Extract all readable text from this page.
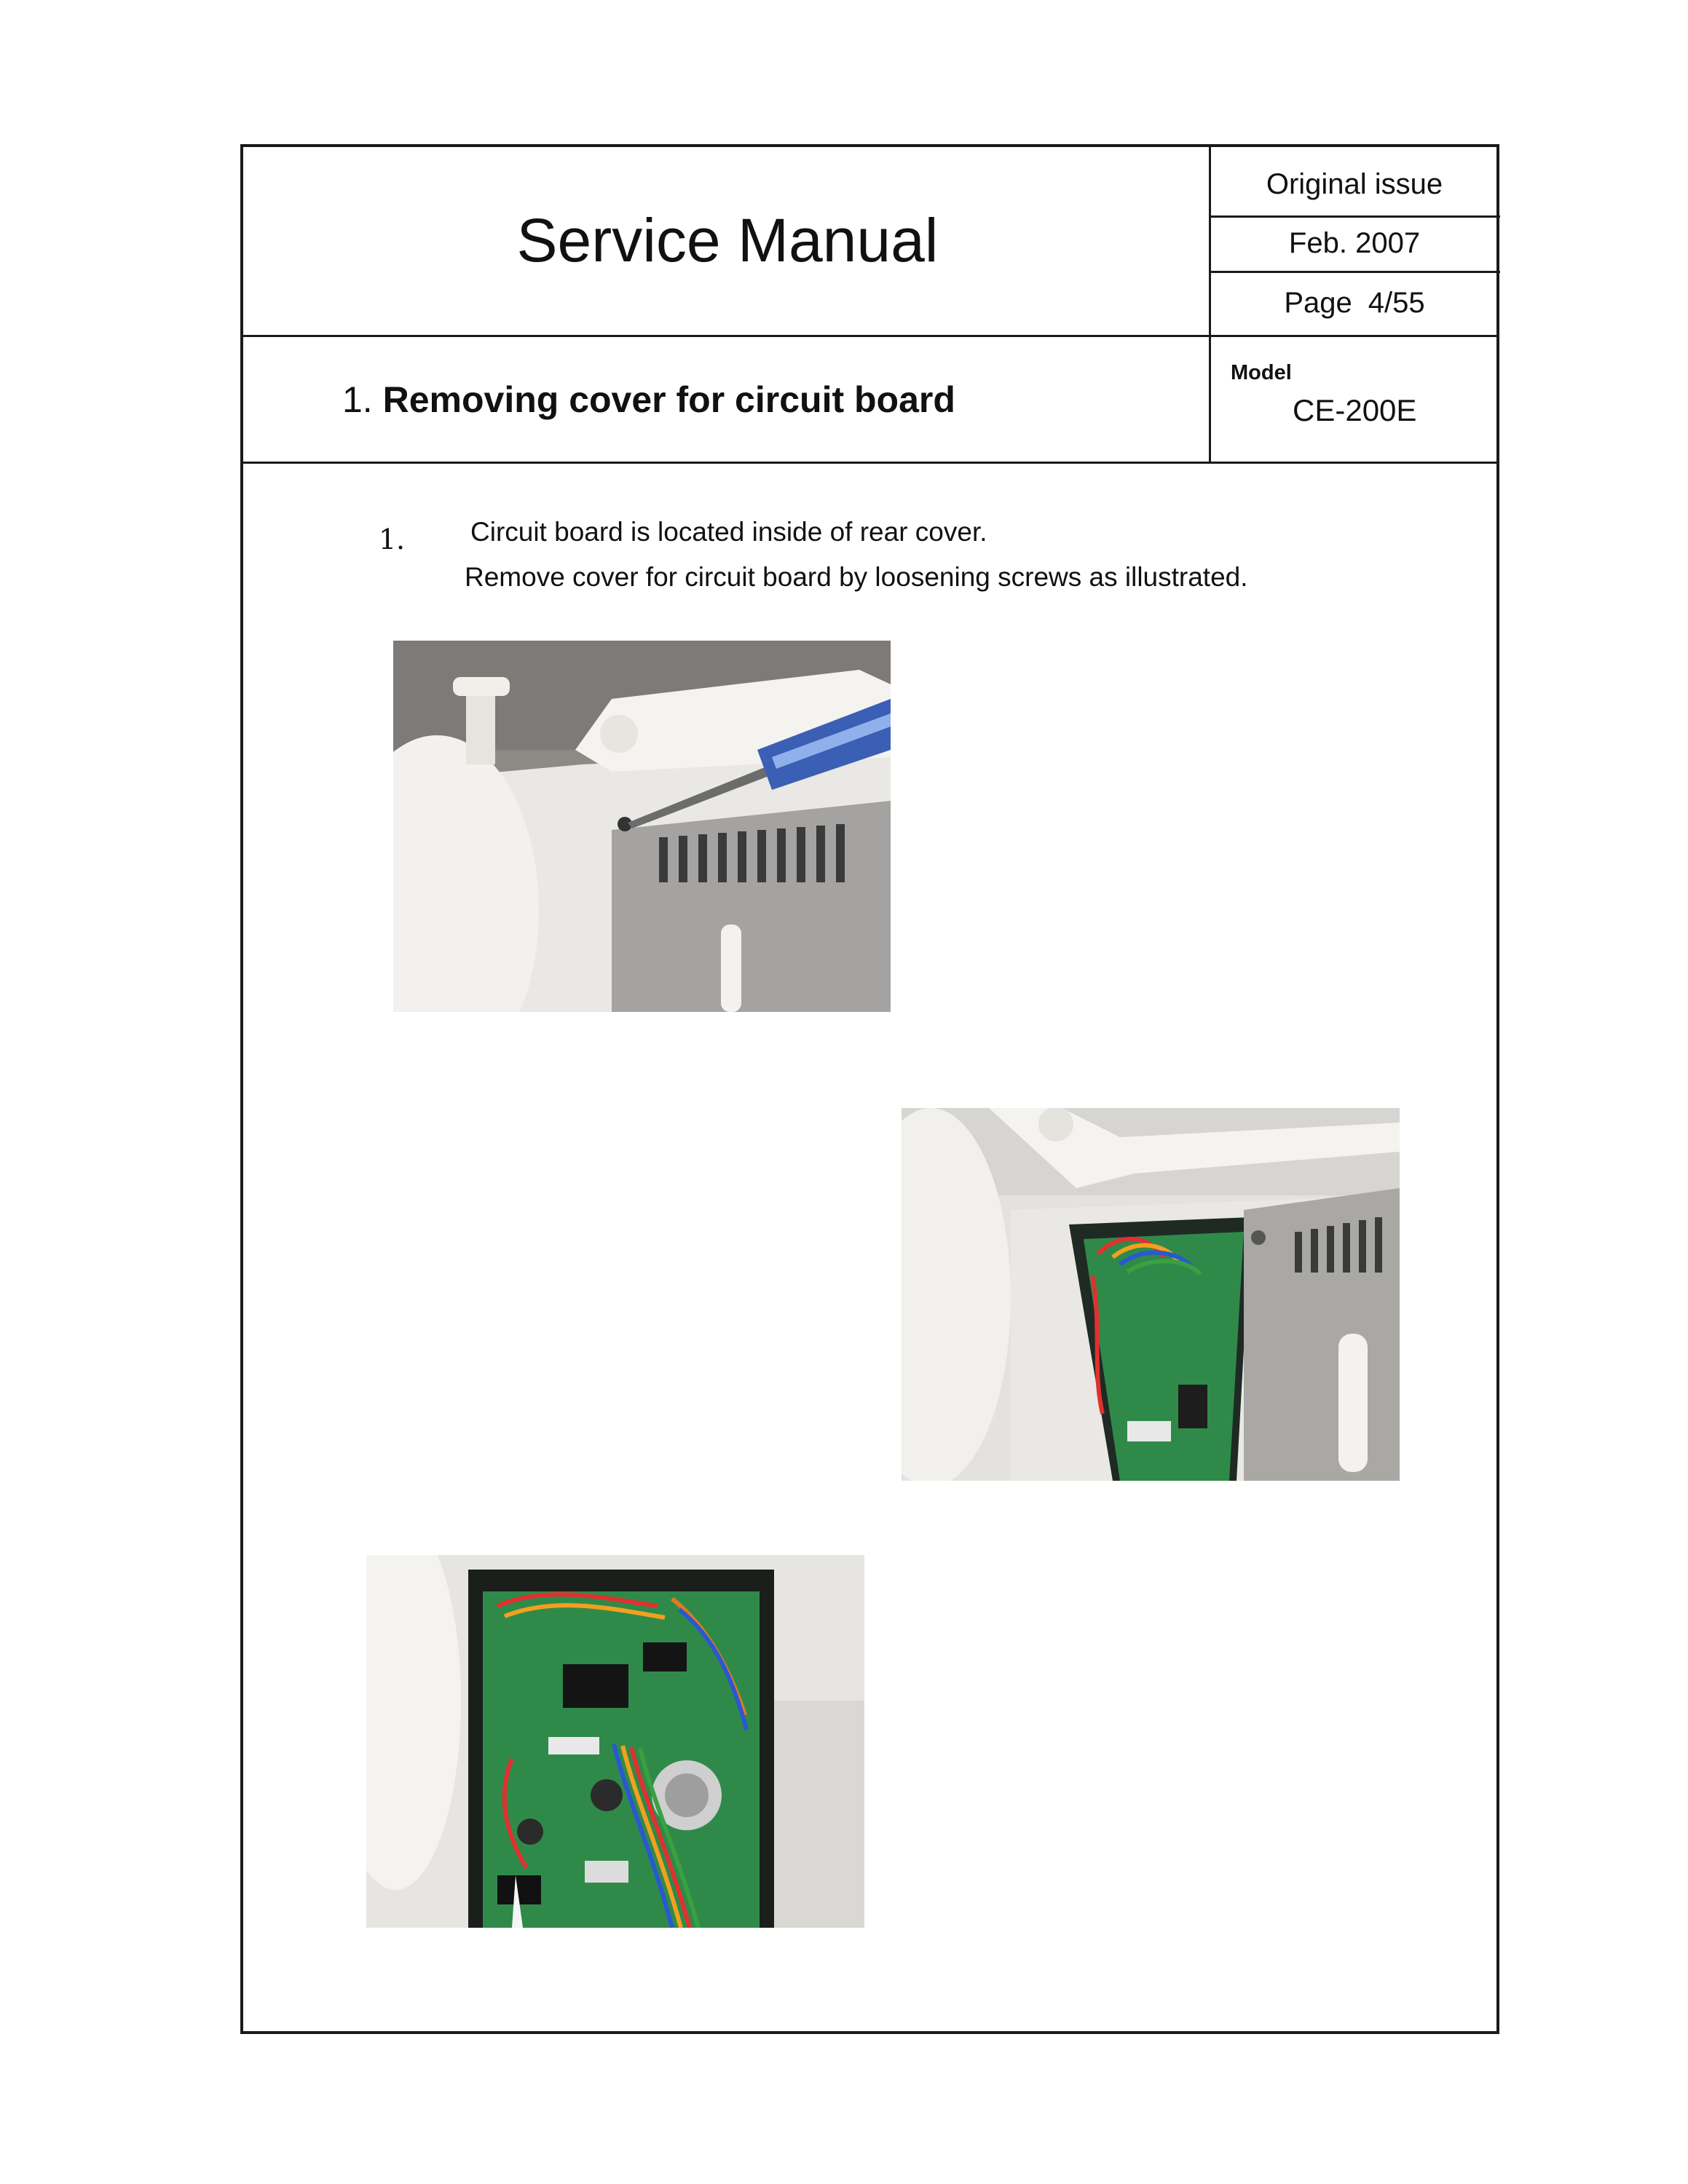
Service Manual
Original issue
Feb. 2007
Page 4/55
1. Removing cover for circuit board
Model
CE-200E
1． Circuit board is located inside of rear cover.
Remove cover for circuit board by loosening screws as illustrated.
